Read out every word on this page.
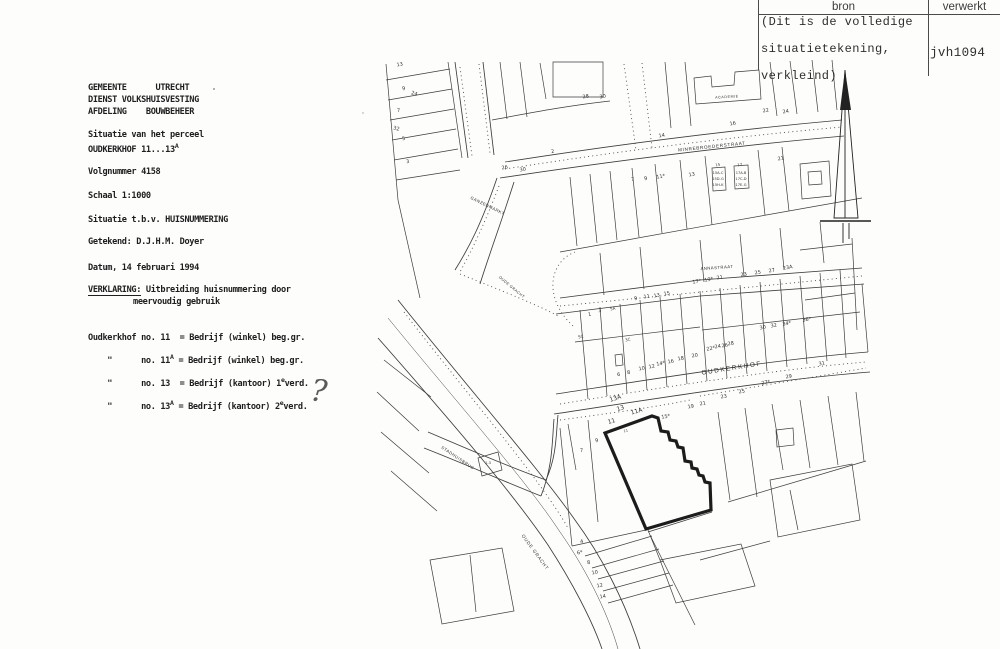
MINREBROEDERSTRAAT
GANZENMARKT
ANNASTRAAT
OUDKERKHOF
OUDE GRACHT
OUDE GRACHT
STADHUISBRUG
ACADEMIE
13
9
7
5
3
24
32
26 30
28 30
2
14
16
22	24
7 9 11*	13
21
15	17
15A-C
15D-G
15H-K
17A-B
17C-D
17E-G
17* 19* 21	23 25 27 23A
30 32 34*
36*
31
9 11 13 15
1
3 5A
5C
3C
6 8
10 12 14* 16 18 20
22*
24 26
28
13A
13 11A
11
11
9
7
15*
19 21
23
25
27*
29
4
6*
8
10
12
14
1-3
bron	verwerkt
(Dit is de volledige

situatietekening,

verkleind)
jvh1094
GEMEENTE      UTRECHT
DIENST VOLKSHUISVESTING
AFDELING    BOUWBEHEER
Situatie van het perceel
OUDKERKHOF $11...13^A$
Volgnummer 4158
Schaal 1:1000
Situatie t.b.v. HUISNUMMERING
Getekend: D.J.H.M. Doyer
Datum, 14 februari 1994
VERKLARING: Uitbreiding huisnummering door
meervoudig gebruik
Oudkerkhof no. 11  = Bedrijf (winkel) beg.gr.
"      no. $11^A$ = Bedrijf (winkel) beg.gr.
"      no. 13  = Bedrijf (kantoor) 1everd.
"      no. $13^A$ = Bedrijf (kantoor) 2everd. ?
